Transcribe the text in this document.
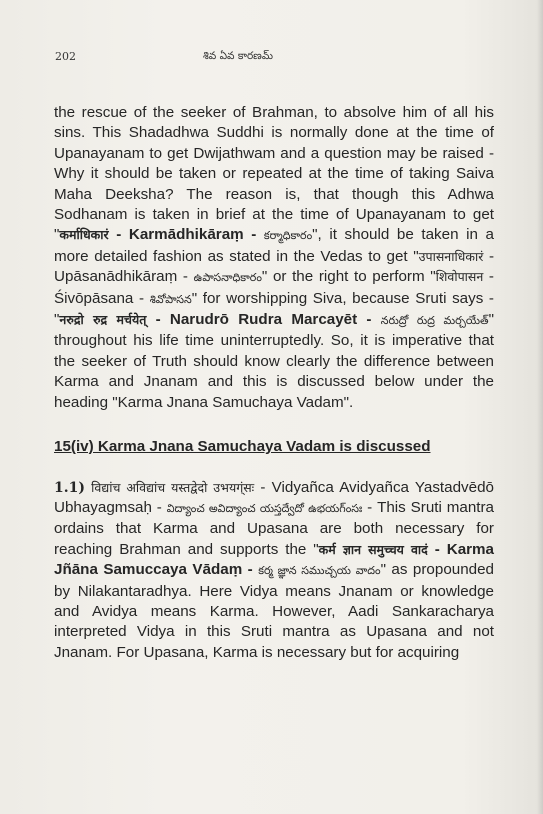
202	శివ ఏవ కారణమ్

the rescue of the seeker of Brahman, to absolve him of all his sins. This Shadadhwa Suddhi is normally done at the time of Upanayanam to get Dwijathwam and a question may be raised - Why it should be taken or repeated at the time of taking Saiva Maha Deeksha? The reason is, that though this Adhwa Sodhanam is taken in brief at the time of Upanayanam to get "कर्माधिकारं - Karmādhikāraṃ - కర్మాధికారం", it should be taken in a more detailed fashion as stated in the Vedas to get "उपासनाधिकारं - Upāsanādhikāraṃ - ఉపాసనాధికారం" or the right to perform "शिवोपासन - Śivōpāsana - శివోపాసన" for worshipping Siva, because Sruti says - "नरुद्रो रुद्र मर्चयेत् - Narudrō Rudra Marcayēt - నరుద్రో రుద్ర మర్చయేత్" throughout his life time uninterruptedly. So, it is imperative that the seeker of Truth should know clearly the difference between Karma and Jnanam and this is discussed below under the heading "Karma Jnana Samuchaya Vadam".

15(iv) Karma Jnana Samuchaya Vadam is discussed

1.1) विद्यांच अविद्यांच यस्तद्वेदो उभयग्ंसः - Vidyañca Avidyañca Yastadvēdō Ubhayagmsaḥ - విద్యాంచ అవిద్యాంచ యస్తద్వేదో ఉభయగ్ంసః - This Sruti mantra ordains that Karma and Upasana are both necessary for reaching Brahman and supports the "कर्म ज्ञान समुच्चय वादं - Karma Jñāna Samuccaya Vādaṃ - కర్మ జ్ఞాన సముచ్చయ వాదం" as propounded by Nilakantaradhya. Here Vidya means Jnanam or knowledge and Avidya means Karma. However, Aadi Sankaracharya interpreted Vidya in this Sruti mantra as Upasana and not Jnanam. For Upasana, Karma is necessary but for acquiring
